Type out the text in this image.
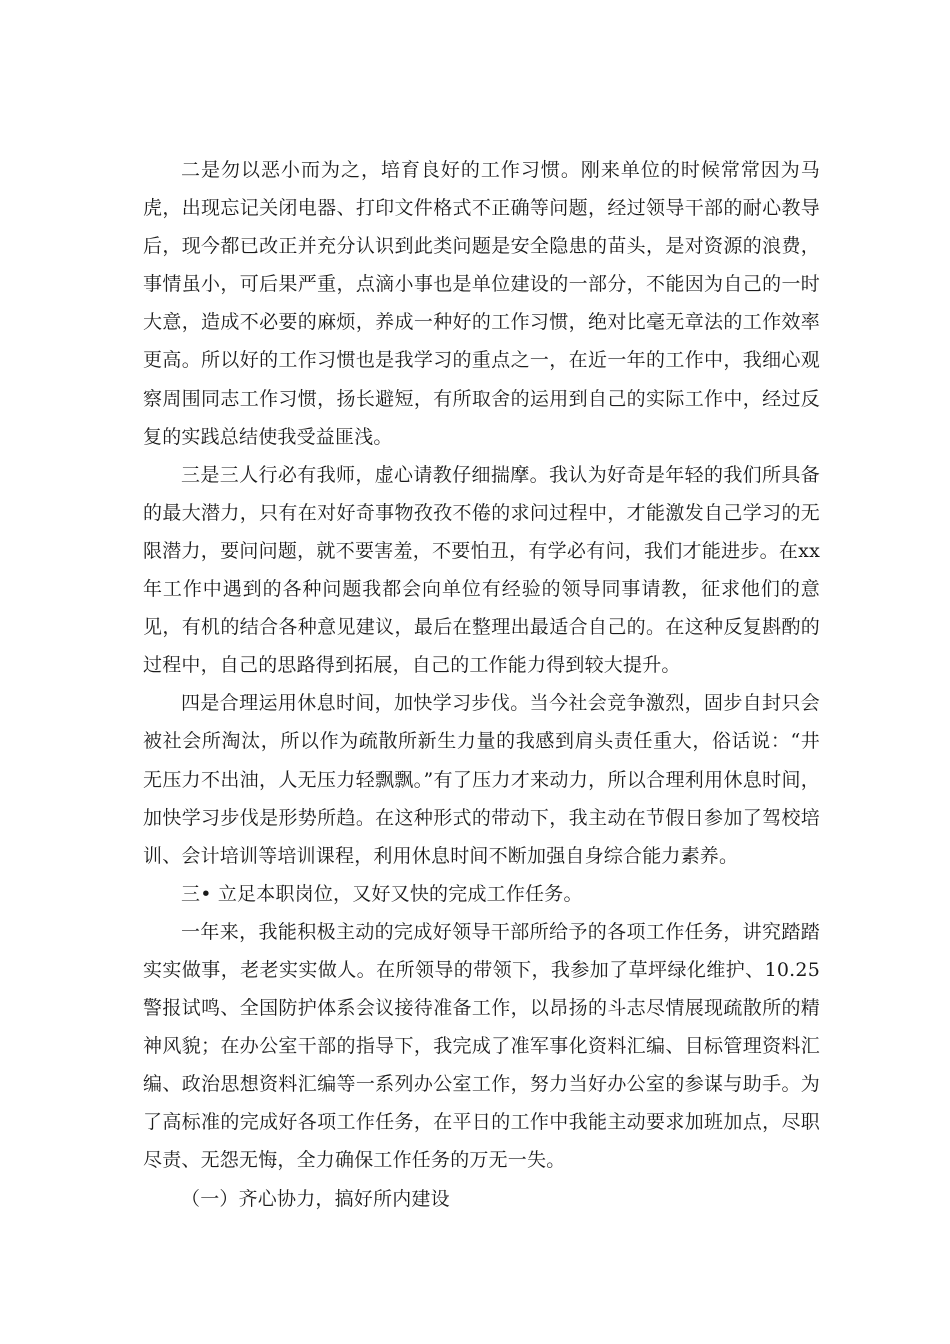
二是勿以恶小而为之，培育良好的工作习惯。刚来单位的时候常常因为马虎，出现忘记关闭电器、打印文件格式不正确等问题，经过领导干部的耐心教导后，现今都已改正并充分认识到此类问题是安全隐患的苗头，是对资源的浪费，事情虽小，可后果严重，点滴小事也是单位建设的一部分，不能因为自己的一时大意，造成不必要的麻烦，养成一种好的工作习惯，绝对比毫无章法的工作效率更高。所以好的工作习惯也是我学习的重点之一，在近一年的工作中，我细心观察周围同志工作习惯，扬长避短，有所取舍的运用到自己的实际工作中，经过反复的实践总结使我受益匪浅。

三是三人行必有我师，虚心请教仔细揣摩。我认为好奇是年轻的我们所具备的最大潜力，只有在对好奇事物孜孜不倦的求问过程中，才能激发自己学习的无限潜力，要问问题，就不要害羞，不要怕丑，有学必有问，我们才能进步。在xx年工作中遇到的各种问题我都会向单位有经验的领导同事请教，征求他们的意见，有机的结合各种意见建议，最后在整理出最适合自己的。在这种反复斟酌的过程中，自己的思路得到拓展，自己的工作能力得到较大提升。

四是合理运用休息时间，加快学习步伐。当今社会竞争激烈，固步自封只会被社会所淘汰，所以作为疏散所新生力量的我感到肩头责任重大，俗话说：“井无压力不出油，人无压力轻飘飘。”有了压力才来动力，所以合理利用休息时间，加快学习步伐是形势所趋。在这种形式的带动下，我主动在节假日参加了驾校培训、会计培训等培训课程，利用休息时间不断加强自身综合能力素养。

三• 立足本职岗位，又好又快的完成工作任务。

一年来，我能积极主动的完成好领导干部所给予的各项工作任务，讲究踏踏实实做事，老老实实做人。在所领导的带领下，我参加了草坪绿化维护、10.25警报试鸣、全国防护体系会议接待准备工作，以昂扬的斗志尽情展现疏散所的精神风貌；在办公室干部的指导下，我完成了准军事化资料汇编、目标管理资料汇编、政治思想资料汇编等一系列办公室工作，努力当好办公室的参谋与助手。为了高标准的完成好各项工作任务，在平日的工作中我能主动要求加班加点，尽职尽责、无怨无悔，全力确保工作任务的万无一失。

（一）齐心协力，搞好所内建设
